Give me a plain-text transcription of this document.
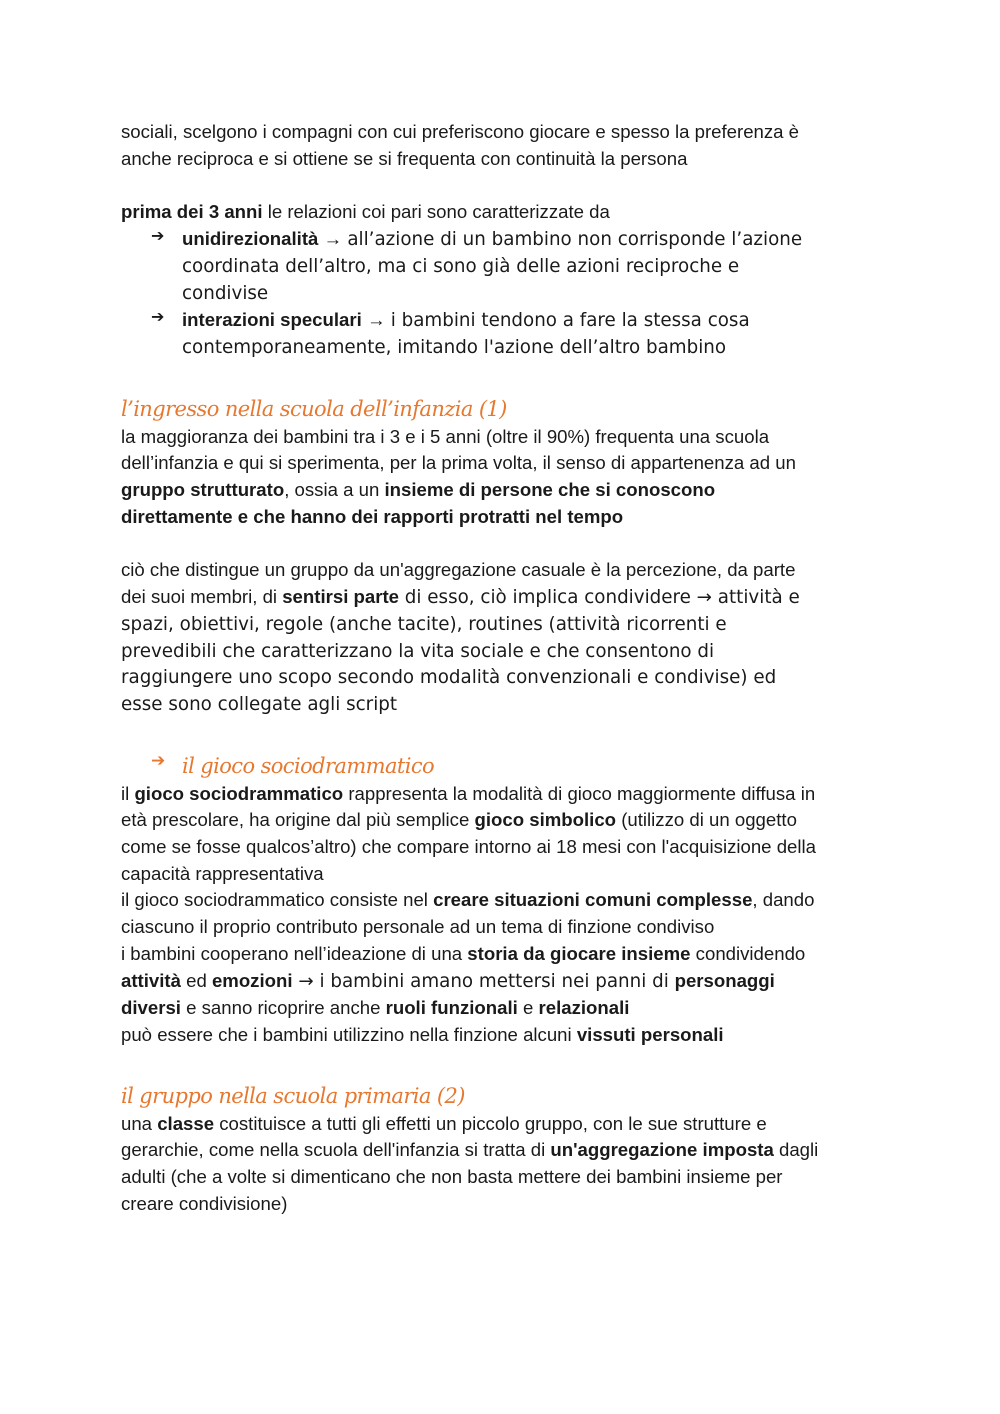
sociali, scelgono i compagni con cui preferiscono giocare e spesso la preferenza è

anche reciproca e si ottiene se si frequenta con continuità la persona

prima dei 3 anni le relazioni coi pari sono caratterizzate da

➔ unidirezionalità → all’azione di un bambino non corrisponde l’azione

coordinata dell’altro, ma ci sono già delle azioni reciproche e

condivise

➔ interazioni speculari → i bambini tendono a fare la stessa cosa

contemporaneamente, imitando l'azione dell’altro bambino

l’ingresso nella scuola dell’infanzia (1)

la maggioranza dei bambini tra i 3 e i 5 anni (oltre il 90%) frequenta una scuola

dell’infanzia e qui si sperimenta, per la prima volta, il senso di appartenenza ad un

gruppo strutturato, ossia a un insieme di persone che si conoscono

direttamente e che hanno dei rapporti protratti nel tempo

ciò che distingue un gruppo da un'aggregazione casuale è la percezione, da parte

dei suoi membri, di sentirsi parte di esso, ciò implica condividere → attività e

spazi, obiettivi, regole (anche tacite), routines (attività ricorrenti e

prevedibili che caratterizzano la vita sociale e che consentono di

raggiungere uno scopo secondo modalità convenzionali e condivise) ed

esse sono collegate agli script

➔ il gioco sociodrammatico

il gioco sociodrammatico rappresenta la modalità di gioco maggiormente diffusa in

età prescolare, ha origine dal più semplice gioco simbolico (utilizzo di un oggetto

come se fosse qualcos’altro) che compare intorno ai 18 mesi con l'acquisizione della

capacità rappresentativa

il gioco sociodrammatico consiste nel creare situazioni comuni complesse, dando

ciascuno il proprio contributo personale ad un tema di finzione condiviso

i bambini cooperano nell’ideazione di una storia da giocare insieme condividendo

attività ed emozioni → i bambini amano mettersi nei panni di personaggi

diversi e sanno ricoprire anche ruoli funzionali e relazionali

può essere che i bambini utilizzino nella finzione alcuni vissuti personali

il gruppo nella scuola primaria (2)

una classe costituisce a tutti gli effetti un piccolo gruppo, con le sue strutture e

gerarchie, come nella scuola dell'infanzia si tratta di un'aggregazione imposta dagli

adulti (che a volte si dimenticano che non basta mettere dei bambini insieme per

creare condivisione)
